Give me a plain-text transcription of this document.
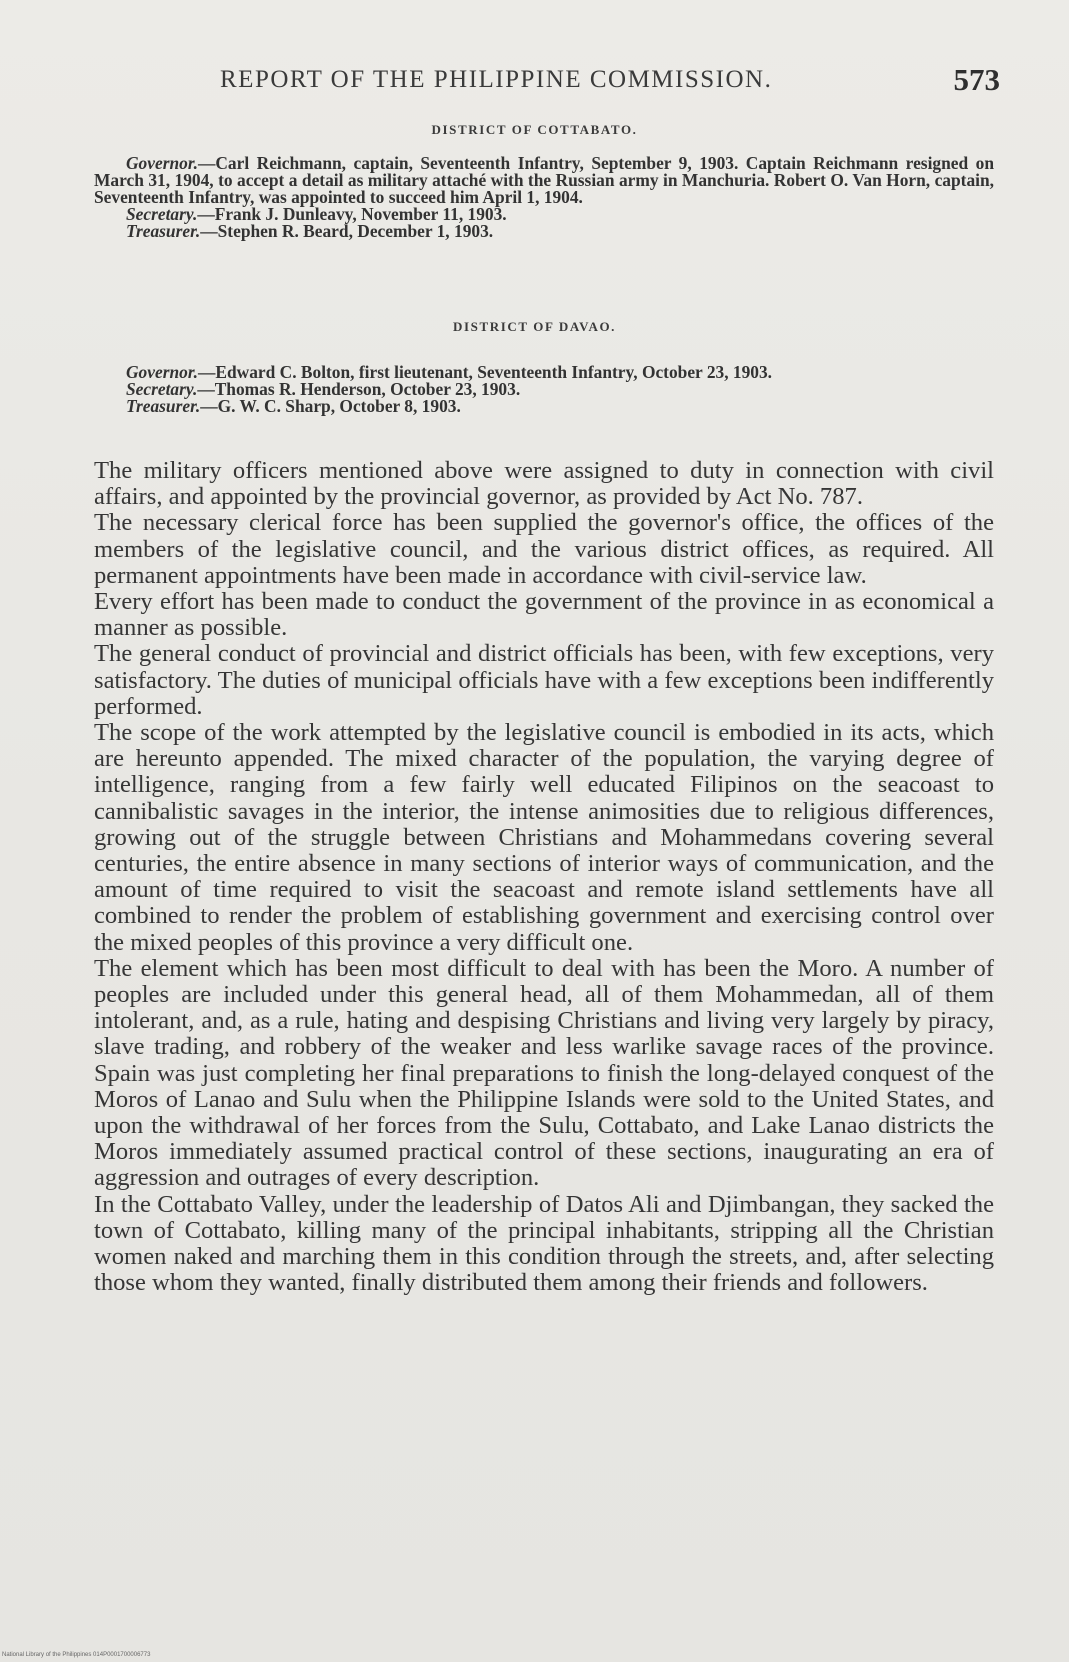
REPORT OF THE PHILIPPINE COMMISSION.	573
DISTRICT OF COTTABATO.

Governor.—Carl Reichmann, captain, Seventeenth Infantry, September 9, 1903. Captain Reichmann resigned on March 31, 1904, to accept a detail as military attaché with the Russian army in Manchuria. Robert O. Van Horn, captain, Seventeenth Infantry, was appointed to succeed him April 1, 1904.

Secretary.—Frank J. Dunleavy, November 11, 1903.

Treasurer.—Stephen R. Beard, December 1, 1903.

DISTRICT OF DAVAO.

Governor.—Edward C. Bolton, first lieutenant, Seventeenth Infantry, October 23, 1903.

Secretary.—Thomas R. Henderson, October 23, 1903.

Treasurer.—G. W. C. Sharp, October 8, 1903.

The military officers mentioned above were assigned to duty in connection with civil affairs, and appointed by the provincial governor, as provided by Act No. 787.

The necessary clerical force has been supplied the governor's office, the offices of the members of the legislative council, and the various district offices, as required. All permanent appointments have been made in accordance with civil-service law.

Every effort has been made to conduct the government of the province in as economical a manner as possible.

The general conduct of provincial and district officials has been, with few exceptions, very satisfactory. The duties of municipal officials have with a few exceptions been indifferently performed.

The scope of the work attempted by the legislative council is embodied in its acts, which are hereunto appended. The mixed character of the population, the varying degree of intelligence, ranging from a few fairly well educated Filipinos on the seacoast to cannibalistic savages in the interior, the intense animosities due to religious differences, growing out of the struggle between Christians and Mohammedans covering several centuries, the entire absence in many sections of interior ways of communication, and the amount of time required to visit the seacoast and remote island settlements have all combined to render the problem of establishing government and exercising control over the mixed peoples of this province a very difficult one.

The element which has been most difficult to deal with has been the Moro. A number of peoples are included under this general head, all of them Mohammedan, all of them intolerant, and, as a rule, hating and despising Christians and living very largely by piracy, slave trading, and robbery of the weaker and less warlike savage races of the province. Spain was just completing her final preparations to finish the long-delayed conquest of the Moros of Lanao and Sulu when the Philippine Islands were sold to the United States, and upon the withdrawal of her forces from the Sulu, Cottabato, and Lake Lanao districts the Moros immediately assumed practical control of these sections, inaugurating an era of aggression and outrages of every description.

In the Cottabato Valley, under the leadership of Datos Ali and Djimbangan, they sacked the town of Cottabato, killing many of the principal inhabitants, stripping all the Christian women naked and marching them in this condition through the streets, and, after selecting those whom they wanted, finally distributed them among their friends and followers.

National Library of the Philippines 014P0001700006773
